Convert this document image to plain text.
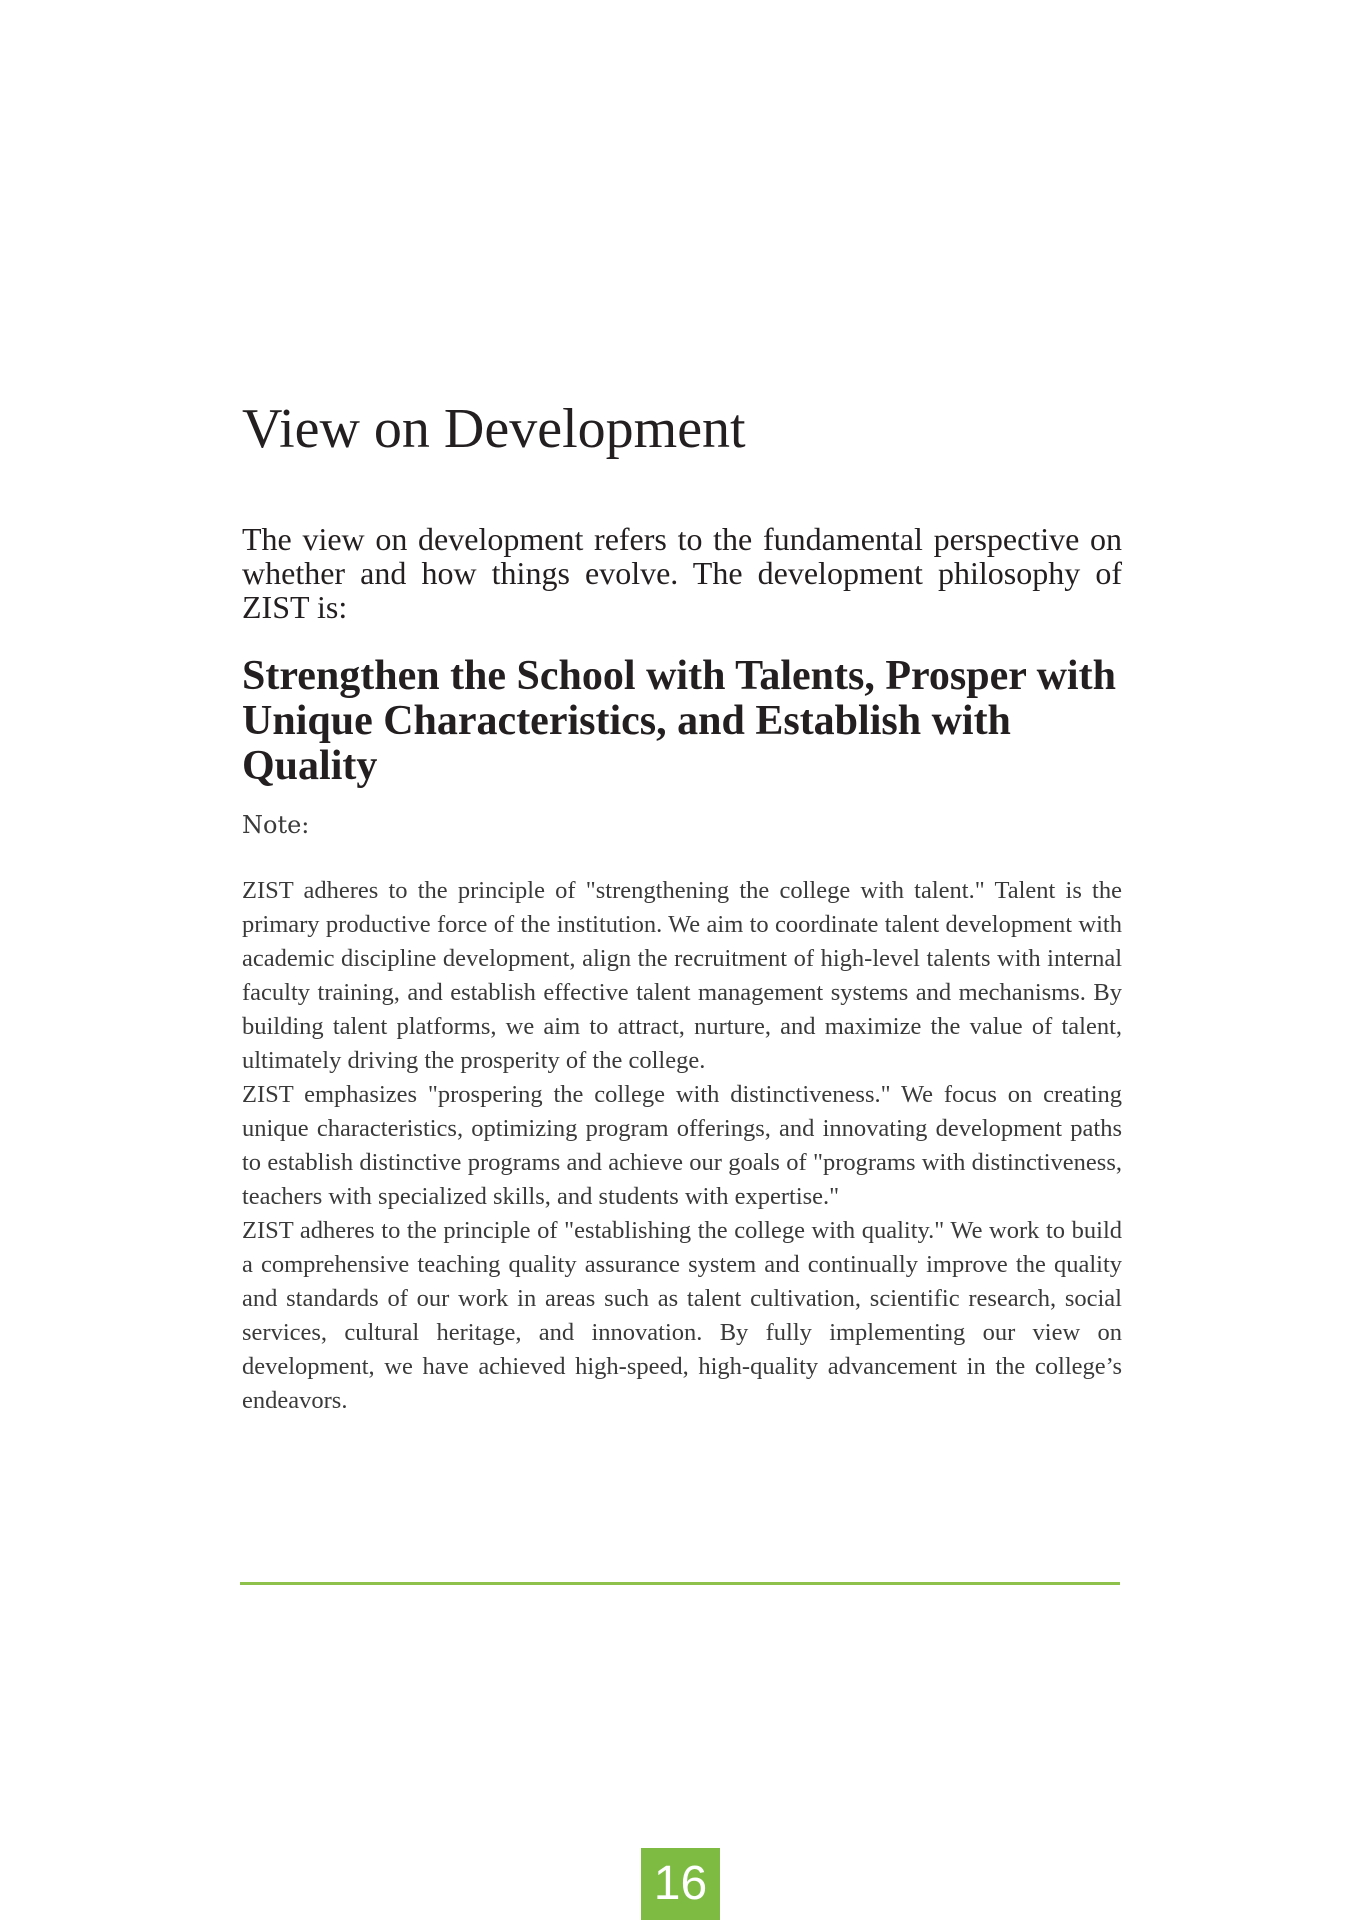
View on Development

The view on development refers to the fundamental perspective on whether and how things evolve. The development philosophy of ZIST is:

Strengthen the School with Talents, Prosper with Unique Characteristics, and Establish with Quality

Note:

ZIST adheres to the principle of "strengthening the college with talent." Talent is the primary productive force of the institution. We aim to coordinate talent development with academic discipline development, align the recruitment of high-level talents with internal faculty training, and establish effective talent management systems and mechanisms. By building talent platforms, we aim to attract, nurture, and maximize the value of talent, ultimately driving the prosperity of the college.

ZIST emphasizes "prospering the college with distinctiveness." We focus on creating unique characteristics, optimizing program offerings, and innovating development paths to establish distinctive programs and achieve our goals of "programs with distinctiveness, teachers with specialized skills, and students with expertise."

ZIST adheres to the principle of "establishing the college with quality." We work to build a comprehensive teaching quality assurance system and continually improve the quality and standards of our work in areas such as talent cultivation, scientific research, social services, cultural heritage, and innovation. By fully implementing our view on development, we have achieved high-speed, high-quality advancement in the college’s endeavors.

16
